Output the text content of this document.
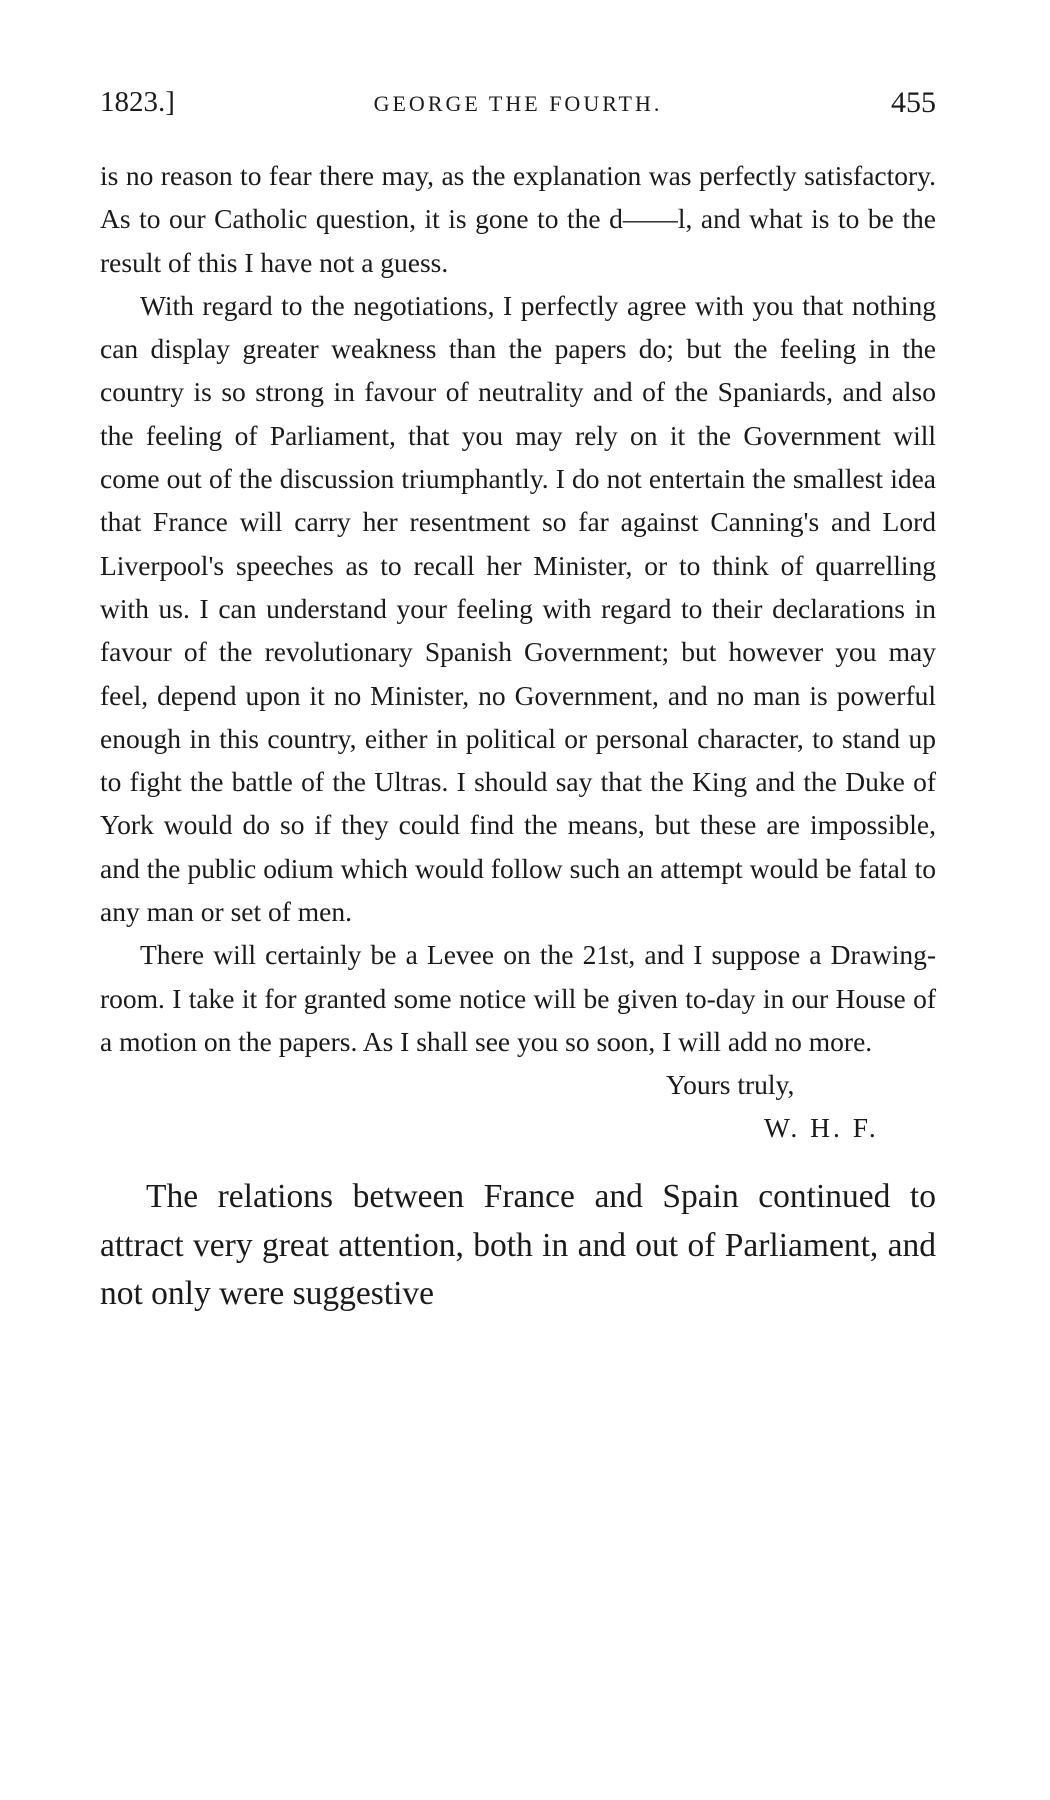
1823.]	GEORGE THE FOURTH.	455

is no reason to fear there may, as the explanation was perfectly satisfactory. As to our Catholic question, it is gone to the d——l, and what is to be the result of this I have not a guess.

With regard to the negotiations, I perfectly agree with you that nothing can display greater weakness than the papers do; but the feeling in the country is so strong in favour of neutrality and of the Spaniards, and also the feeling of Parliament, that you may rely on it the Government will come out of the discussion triumphantly. I do not entertain the smallest idea that France will carry her resentment so far against Canning's and Lord Liverpool's speeches as to recall her Minister, or to think of quarrelling with us. I can understand your feeling with regard to their declarations in favour of the revolutionary Spanish Government; but however you may feel, depend upon it no Minister, no Government, and no man is powerful enough in this country, either in political or personal character, to stand up to fight the battle of the Ultras. I should say that the King and the Duke of York would do so if they could find the means, but these are impossible, and the public odium which would follow such an attempt would be fatal to any man or set of men.

There will certainly be a Levee on the 21st, and I suppose a Drawing-room. I take it for granted some notice will be given to-day in our House of a motion on the papers. As I shall see you so soon, I will add no more.

Yours truly,
W. H. F.

The relations between France and Spain continued to attract very great attention, both in and out of Parliament, and not only were suggestive
